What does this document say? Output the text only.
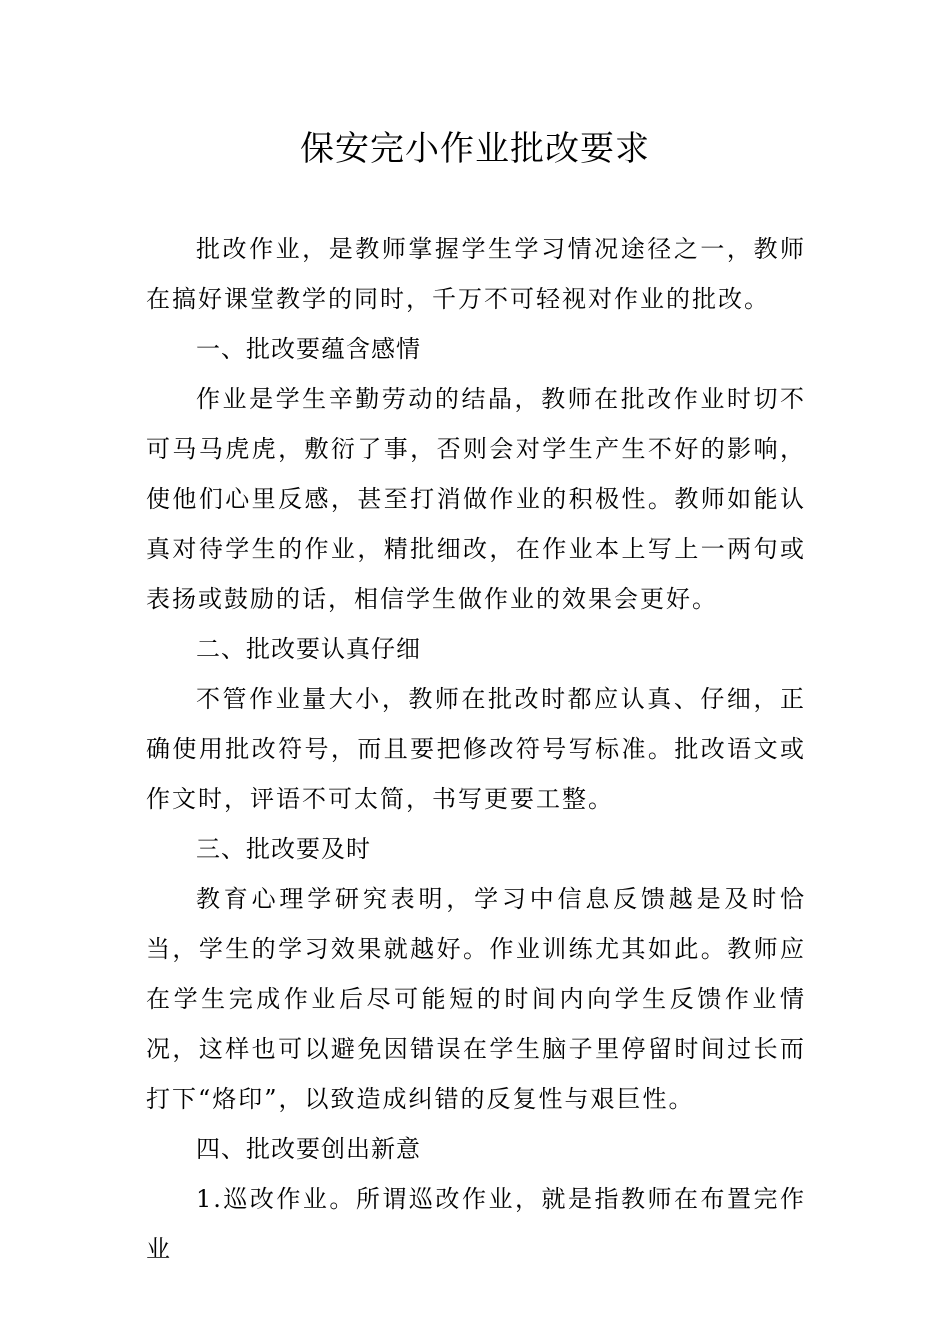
保安完小作业批改要求

批改作业，是教师掌握学生学习情况途径之一，教师在搞好课堂教学的同时，千万不可轻视对作业的批改。

一、批改要蕴含感情

作业是学生辛勤劳动的结晶，教师在批改作业时切不可马马虎虎，敷衍了事，否则会对学生产生不好的影响，使他们心里反感，甚至打消做作业的积极性。教师如能认真对待学生的作业，精批细改，在作业本上写上一两句或表扬或鼓励的话，相信学生做作业的效果会更好。

二、批改要认真仔细

不管作业量大小，教师在批改时都应认真、仔细，正确使用批改符号，而且要把修改符号写标准。批改语文或作文时，评语不可太简，书写更要工整。

三、批改要及时

教育心理学研究表明，学习中信息反馈越是及时恰当，学生的学习效果就越好。作业训练尤其如此。教师应在学生完成作业后尽可能短的时间内向学生反馈作业情况，这样也可以避免因错误在学生脑子里停留时间过长而打下“烙印”，以致造成纠错的反复性与艰巨性。

四、批改要创出新意

1.巡改作业。所谓巡改作业，就是指教师在布置完作业
